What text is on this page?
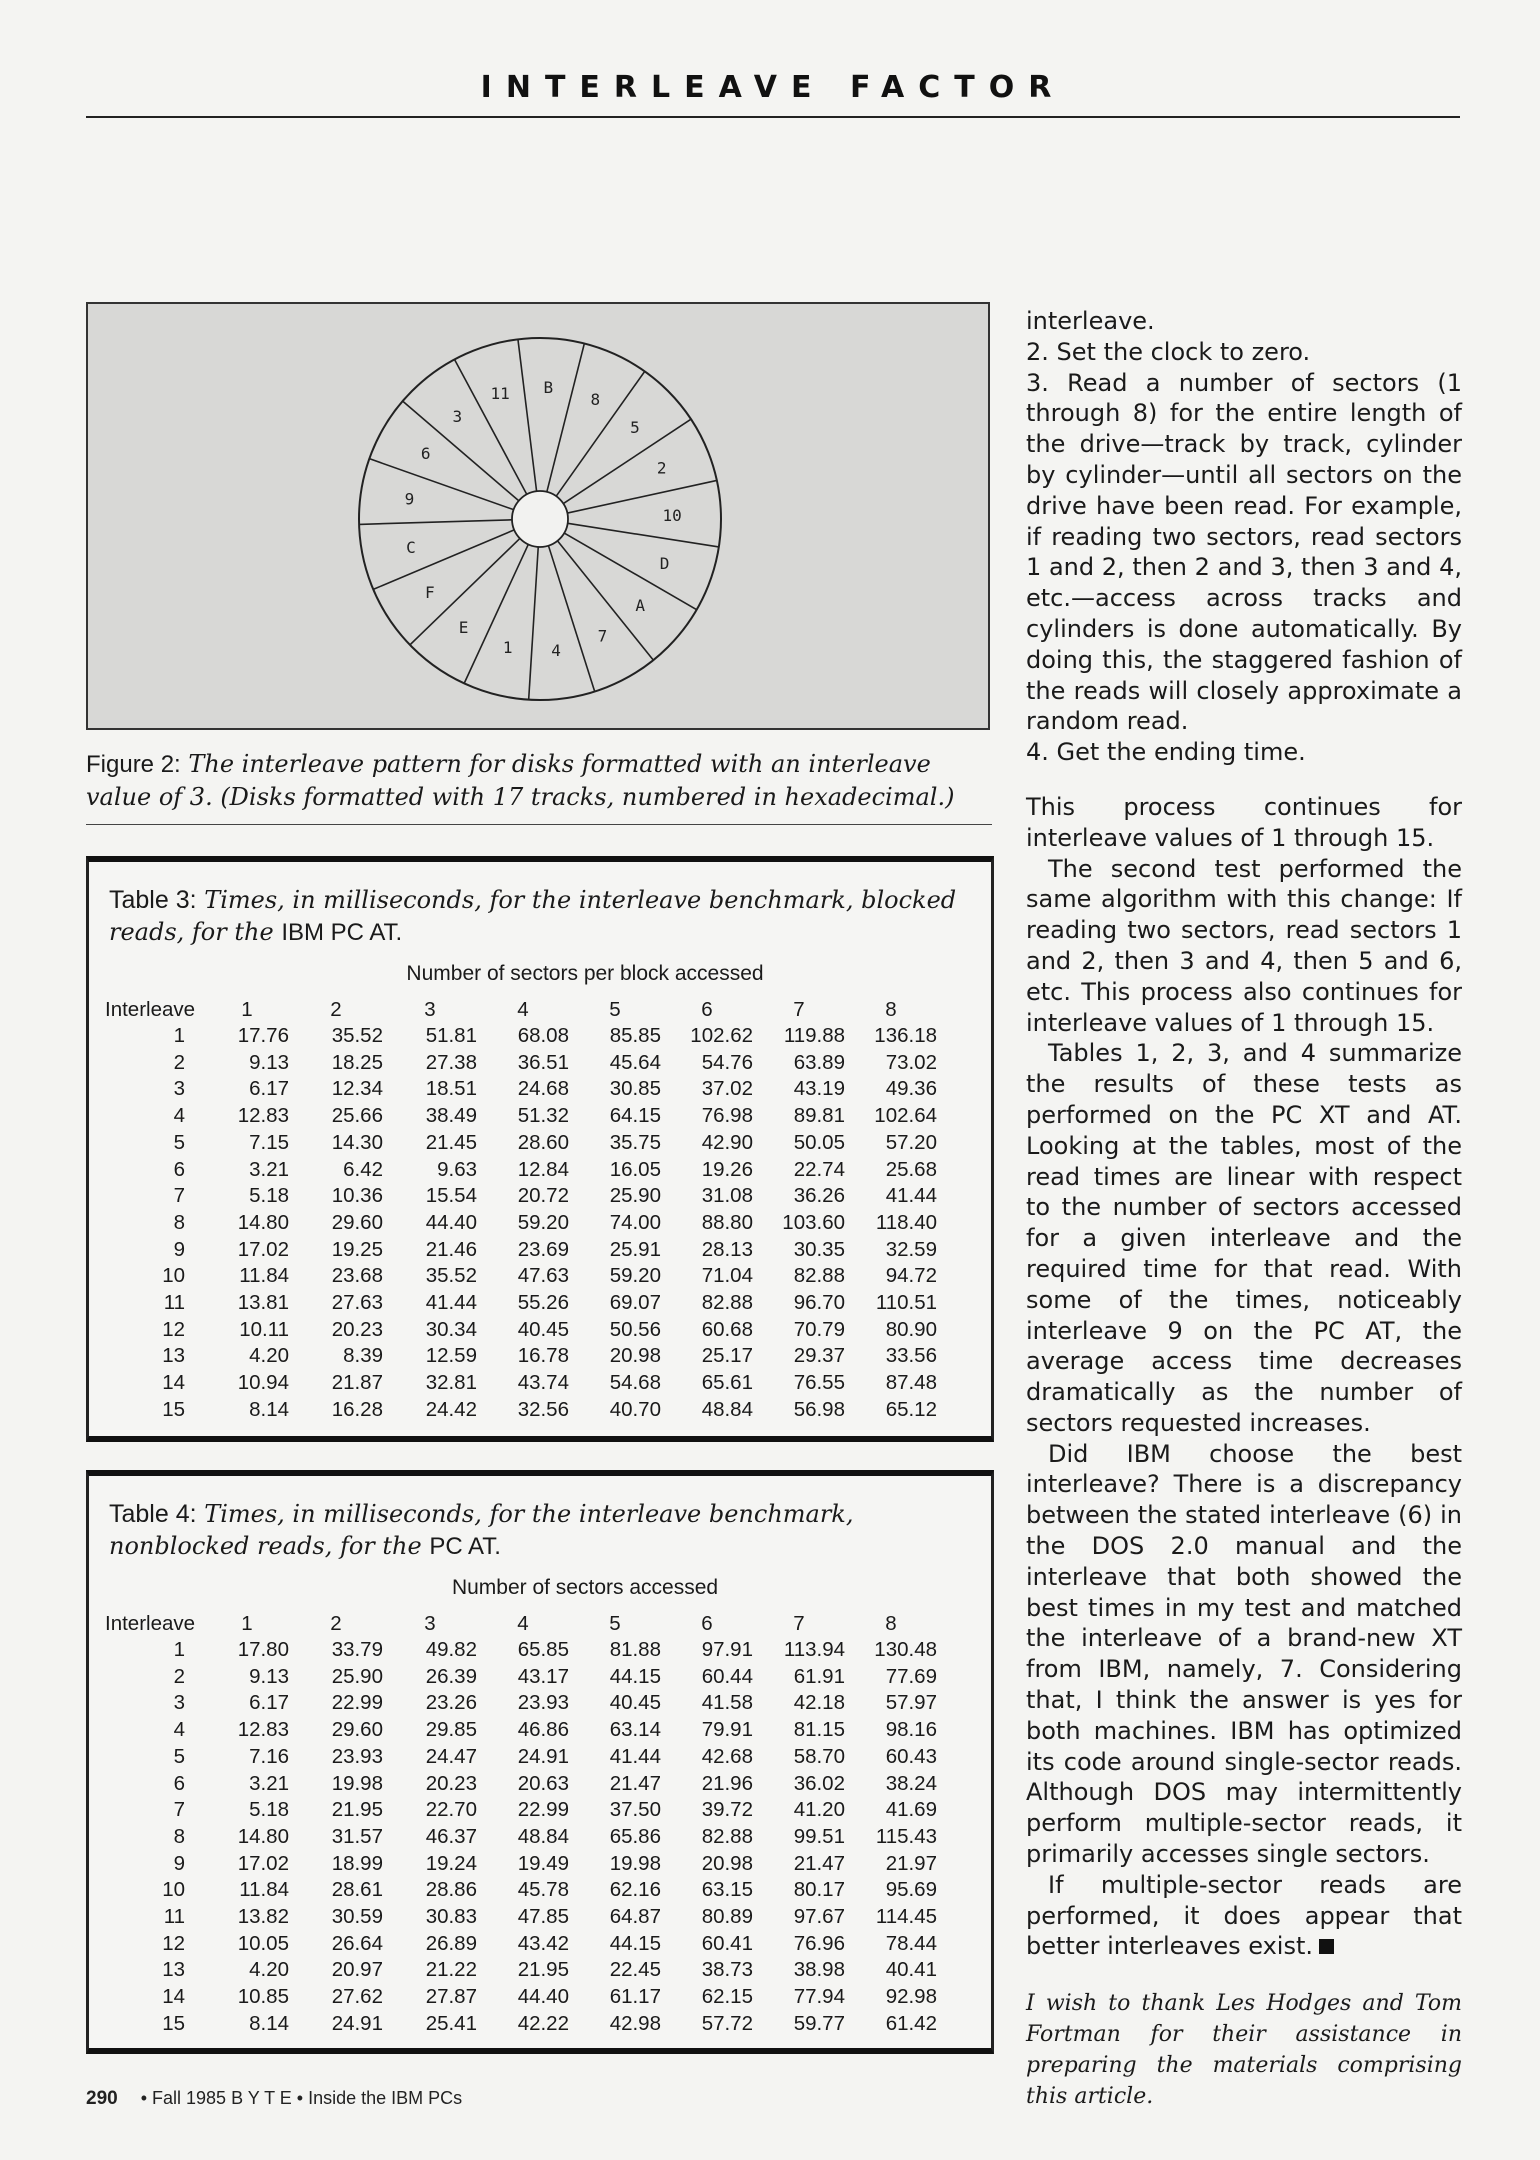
INTERLEAVE FACTOR
B
8
5
2
10
D
A
7
4
1
E
F
C
9
6
3
11
Figure 2: The interleave pattern for disks formatted with an interleave value of 3. (Disks formatted with 17 tracks, numbered in hexadecimal.)
Table 3: Times, in milliseconds, for the interleave benchmark, blocked reads, for the IBM PC AT.
Number of sectors per block accessed
Interleave	1	2	3	4	5	6	7	8
1	17.76	35.52	51.81	68.08	85.85	102.62	119.88	136.18
2	9.13	18.25	27.38	36.51	45.64	54.76	63.89	73.02
3	6.17	12.34	18.51	24.68	30.85	37.02	43.19	49.36
4	12.83	25.66	38.49	51.32	64.15	76.98	89.81	102.64
5	7.15	14.30	21.45	28.60	35.75	42.90	50.05	57.20
6	3.21	6.42	9.63	12.84	16.05	19.26	22.74	25.68
7	5.18	10.36	15.54	20.72	25.90	31.08	36.26	41.44
8	14.80	29.60	44.40	59.20	74.00	88.80	103.60	118.40
9	17.02	19.25	21.46	23.69	25.91	28.13	30.35	32.59
10	11.84	23.68	35.52	47.63	59.20	71.04	82.88	94.72
11	13.81	27.63	41.44	55.26	69.07	82.88	96.70	110.51
12	10.11	20.23	30.34	40.45	50.56	60.68	70.79	80.90
13	4.20	8.39	12.59	16.78	20.98	25.17	29.37	33.56
14	10.94	21.87	32.81	43.74	54.68	65.61	76.55	87.48
15	8.14	16.28	24.42	32.56	40.70	48.84	56.98	65.12
Table 4: Times, in milliseconds, for the interleave benchmark, nonblocked reads, for the PC AT.
Number of sectors accessed
Interleave	1	2	3	4	5	6	7	8
1	17.80	33.79	49.82	65.85	81.88	97.91	113.94	130.48
2	9.13	25.90	26.39	43.17	44.15	60.44	61.91	77.69
3	6.17	22.99	23.26	23.93	40.45	41.58	42.18	57.97
4	12.83	29.60	29.85	46.86	63.14	79.91	81.15	98.16
5	7.16	23.93	24.47	24.91	41.44	42.68	58.70	60.43
6	3.21	19.98	20.23	20.63	21.47	21.96	36.02	38.24
7	5.18	21.95	22.70	22.99	37.50	39.72	41.20	41.69
8	14.80	31.57	46.37	48.84	65.86	82.88	99.51	115.43
9	17.02	18.99	19.24	19.49	19.98	20.98	21.47	21.97
10	11.84	28.61	28.86	45.78	62.16	63.15	80.17	95.69
11	13.82	30.59	30.83	47.85	64.87	80.89	97.67	114.45
12	10.05	26.64	26.89	43.42	44.15	60.41	76.96	78.44
13	4.20	20.97	21.22	21.95	22.45	38.73	38.98	40.41
14	10.85	27.62	27.87	44.40	61.17	62.15	77.94	92.98
15	8.14	24.91	25.41	42.22	42.98	57.72	59.77	61.42

interleave.

2. Set the clock to zero.

3. Read a number of sectors (1 through 8) for the entire length of the drive—track by track, cylinder by cylinder—until all sectors on the drive have been read. For example, if reading two sectors, read sectors 1 and 2, then 2 and 3, then 3 and 4, etc.—access across tracks and cylinders is done automatically. By doing this, the staggered fashion of the reads will closely approximate a random read.

4. Get the ending time.

This process continues for interleave values of 1 through 15.

The second test performed the same algorithm with this change: If reading two sectors, read sectors 1 and 2, then 3 and 4, then 5 and 6, etc. This process also continues for interleave values of 1 through 15.

Tables 1, 2, 3, and 4 summarize the results of these tests as performed on the PC XT and AT. Looking at the tables, most of the read times are linear with respect to the number of sectors accessed for a given interleave and the required time for that read. With some of the times, noticeably interleave 9 on the PC AT, the average access time decreases dramatically as the number of sectors requested increases.

Did IBM choose the best interleave? There is a discrepancy between the stated interleave (6) in the DOS 2.0 manual and the interleave that both showed the best times in my test and matched the interleave of a brand-new XT from IBM, namely, 7. Considering that, I think the answer is yes for both machines. IBM has optimized its code around single-sector reads. Although DOS may intermittently perform multiple-sector reads, it primarily accesses single sectors.

If multiple-sector reads are performed, it does appear that better interleaves exist.

I wish to thank Les Hodges and Tom Fortman for their assistance in preparing the materials comprising this article.

290 • Fall 1985 B Y T E • Inside the IBM PCs
